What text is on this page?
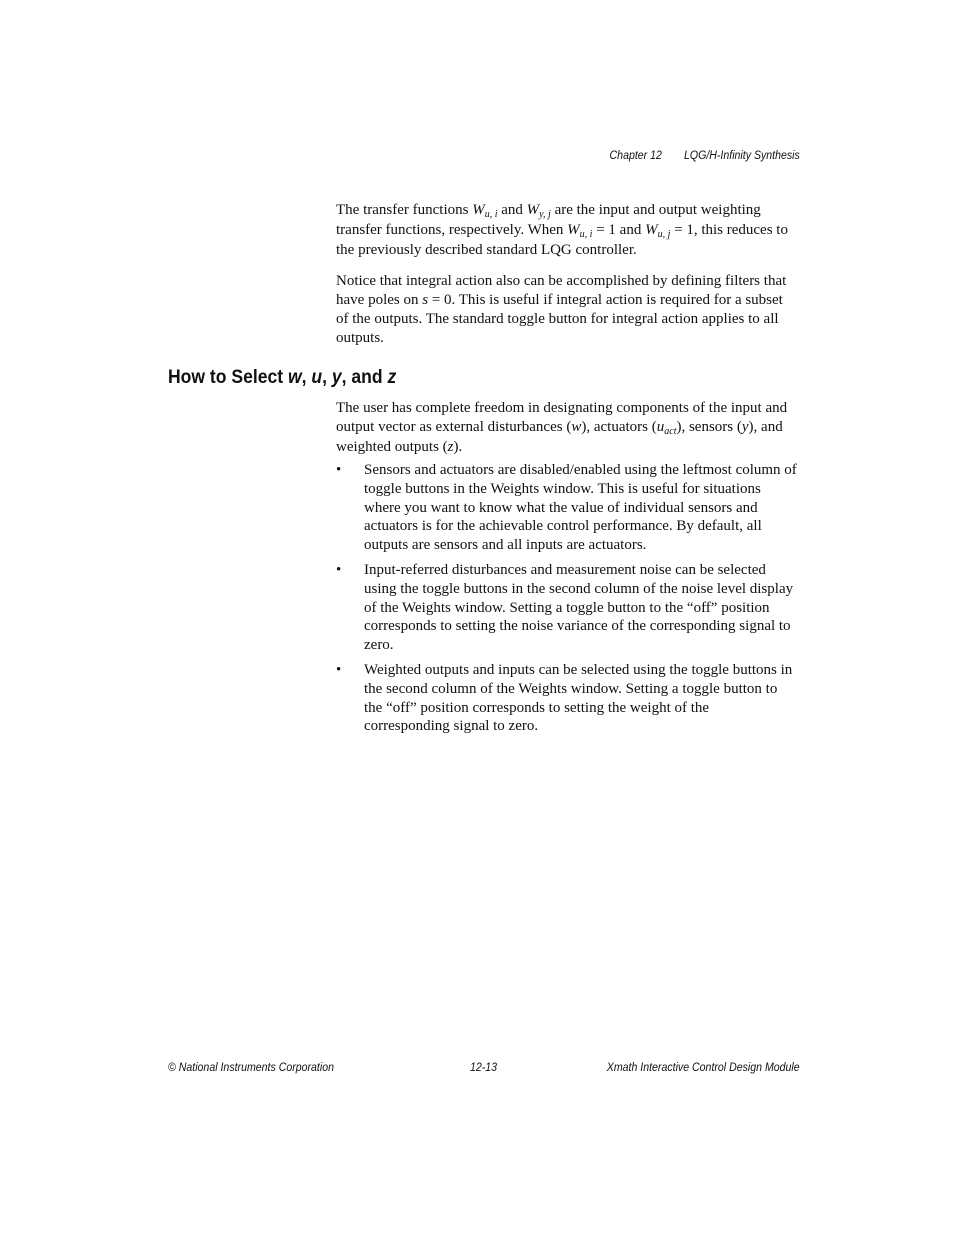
Chapter 12 LQG/H-Infinity Synthesis

The transfer functions $W_{u, i}$ and $W_{y, j}$ are the input and output weighting transfer functions, respectively. When $W_{u, i} = 1$ and $W_{u, j} = 1$, this reduces to the previously described standard LQG controller.

Notice that integral action also can be accomplished by defining filters that have poles on s = 0. This is useful if integral action is required for a subset of the outputs. The standard toggle button for integral action applies to all outputs.

How to Select w, u, y, and z

The user has complete freedom in designating components of the input and output vector as external disturbances (w), actuators $(u_{act})$, sensors (y), and weighted outputs (z).

• Sensors and actuators are disabled/enabled using the leftmost column of toggle buttons in the Weights window. This is useful for situations where you want to know what the value of individual sensors and actuators is for the achievable control performance. By default, all outputs are sensors and all inputs are actuators.
• Input-referred disturbances and measurement noise can be selected using the toggle buttons in the second column of the noise level display of the Weights window. Setting a toggle button to the “off” position corresponds to setting the noise variance of the corresponding signal to zero.
• Weighted outputs and inputs can be selected using the toggle buttons in the second column of the Weights window. Setting a toggle button to the “off” position corresponds to setting the weight of the corresponding signal to zero.
© National Instruments Corporation	12-13	Xmath Interactive Control Design Module
